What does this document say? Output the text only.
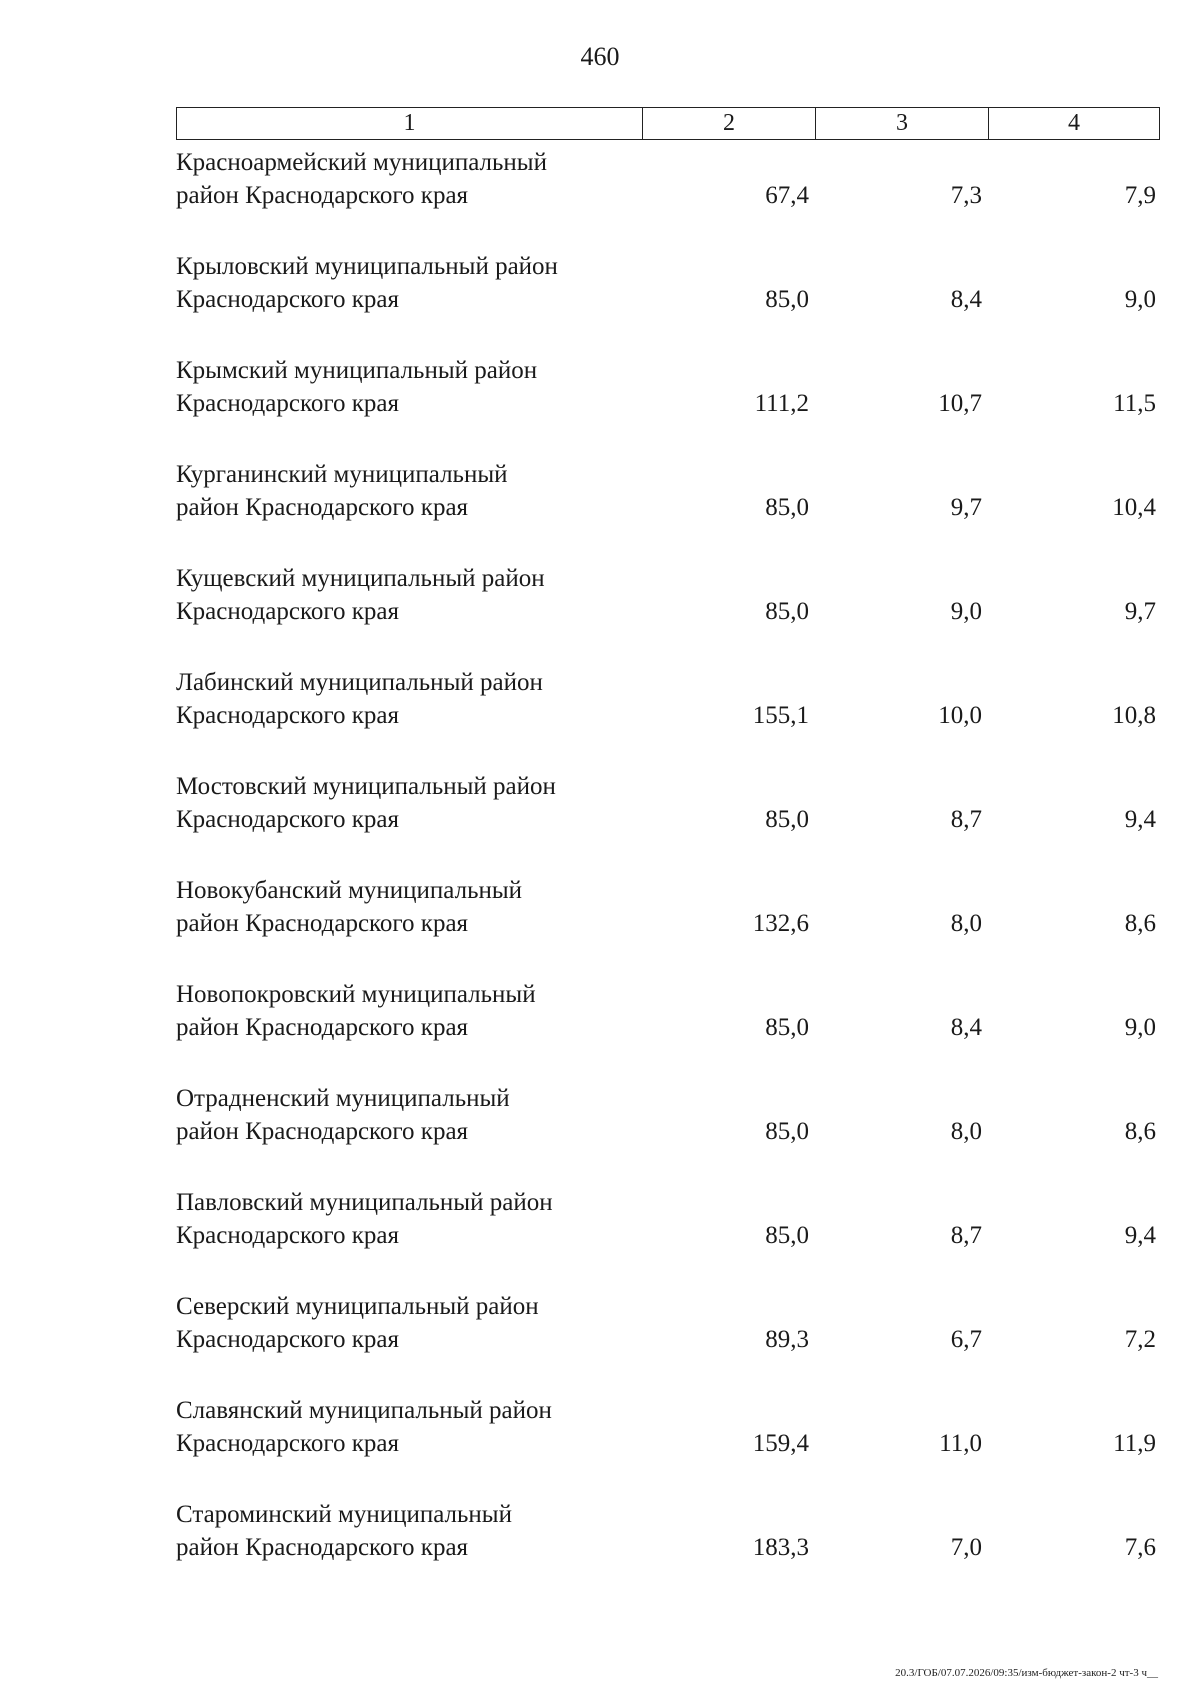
460
1	2	3	4
Красноармейский муниципальный
район Краснодарского края	67,4	7,3	7,9
Крыловский муниципальный район
Краснодарского края	85,0	8,4	9,0
Крымский муниципальный район
Краснодарского края	111,2	10,7	11,5
Курганинский муниципальный
район Краснодарского края	85,0	9,7	10,4
Кущевский муниципальный район
Краснодарского края	85,0	9,0	9,7
Лабинский муниципальный район
Краснодарского края	155,1	10,0	10,8
Мостовский муниципальный район
Краснодарского края	85,0	8,7	9,4
Новокубанский муниципальный
район Краснодарского края	132,6	8,0	8,6
Новопокровский муниципальный
район Краснодарского края	85,0	8,4	9,0
Отрадненский муниципальный
район Краснодарского края	85,0	8,0	8,6
Павловский муниципальный район
Краснодарского края	85,0	8,7	9,4
Северский муниципальный район
Краснодарского края	89,3	6,7	7,2
Славянский муниципальный район
Краснодарского края	159,4	11,0	11,9
Староминский муниципальный
район Краснодарского края	183,3	7,0	7,6
20.3/ГОБ/07.07.2026/09:35/изм-бюджет-закон-2 чт-3 ч__
